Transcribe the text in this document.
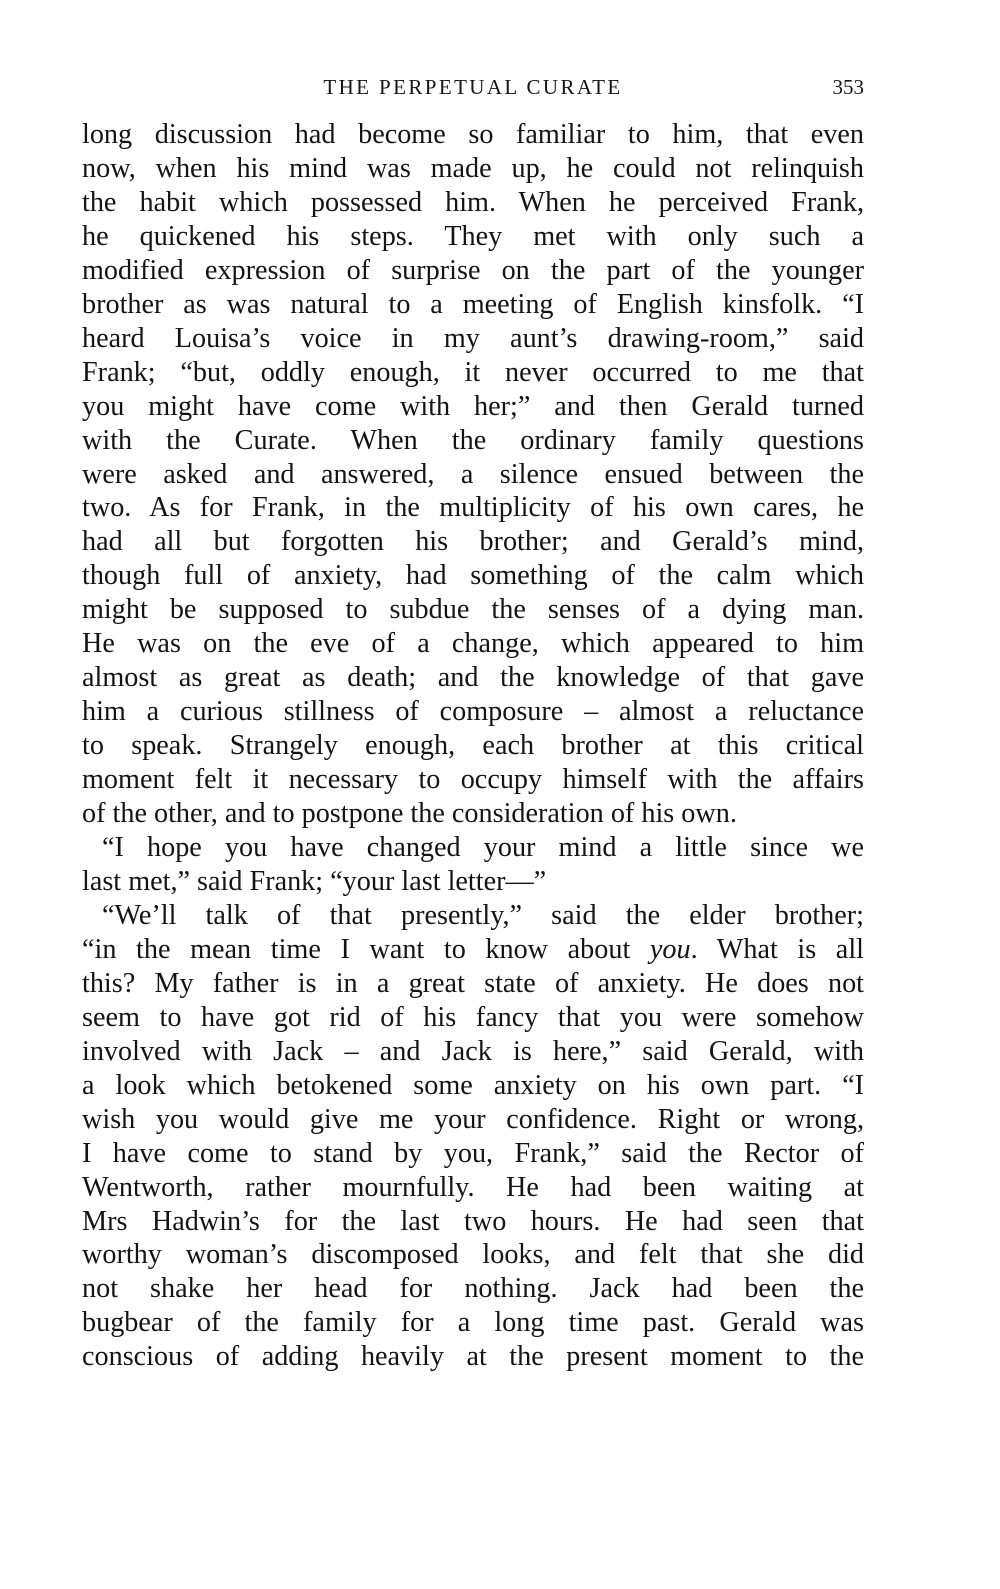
THE PERPETUAL CURATE	353
long discussion had become so familiar to him, that even
now, when his mind was made up, he could not relinquish
the habit which possessed him. When he perceived Frank,
he quickened his steps. They met with only such a
modified expression of surprise on the part of the younger
brother as was natural to a meeting of English kinsfolk. “I
heard Louisa’s voice in my aunt’s drawing-room,” said
Frank; “but, oddly enough, it never occurred to me that
you might have come with her;” and then Gerald turned
with the Curate. When the ordinary family questions
were asked and answered, a silence ensued between the
two. As for Frank, in the multiplicity of his own cares, he
had all but forgotten his brother; and Gerald’s mind,
though full of anxiety, had something of the calm which
might be supposed to subdue the senses of a dying man.
He was on the eve of a change, which appeared to him
almost as great as death; and the knowledge of that gave
him a curious stillness of composure – almost a reluctance
to speak. Strangely enough, each brother at this critical
moment felt it necessary to occupy himself with the affairs
of the other, and to postpone the consideration of his own.
“I hope you have changed your mind a little since we
last met,” said Frank; “your last letter—”
“We’ll talk of that presently,” said the elder brother;
“in the mean time I want to know about you. What is all
this? My father is in a great state of anxiety. He does not
seem to have got rid of his fancy that you were somehow
involved with Jack – and Jack is here,” said Gerald, with
a look which betokened some anxiety on his own part. “I
wish you would give me your confidence. Right or wrong,
I have come to stand by you, Frank,” said the Rector of
Wentworth, rather mournfully. He had been waiting at
Mrs Hadwin’s for the last two hours. He had seen that
worthy woman’s discomposed looks, and felt that she did
not shake her head for nothing. Jack had been the
bugbear of the family for a long time past. Gerald was
conscious of adding heavily at the present moment to the
